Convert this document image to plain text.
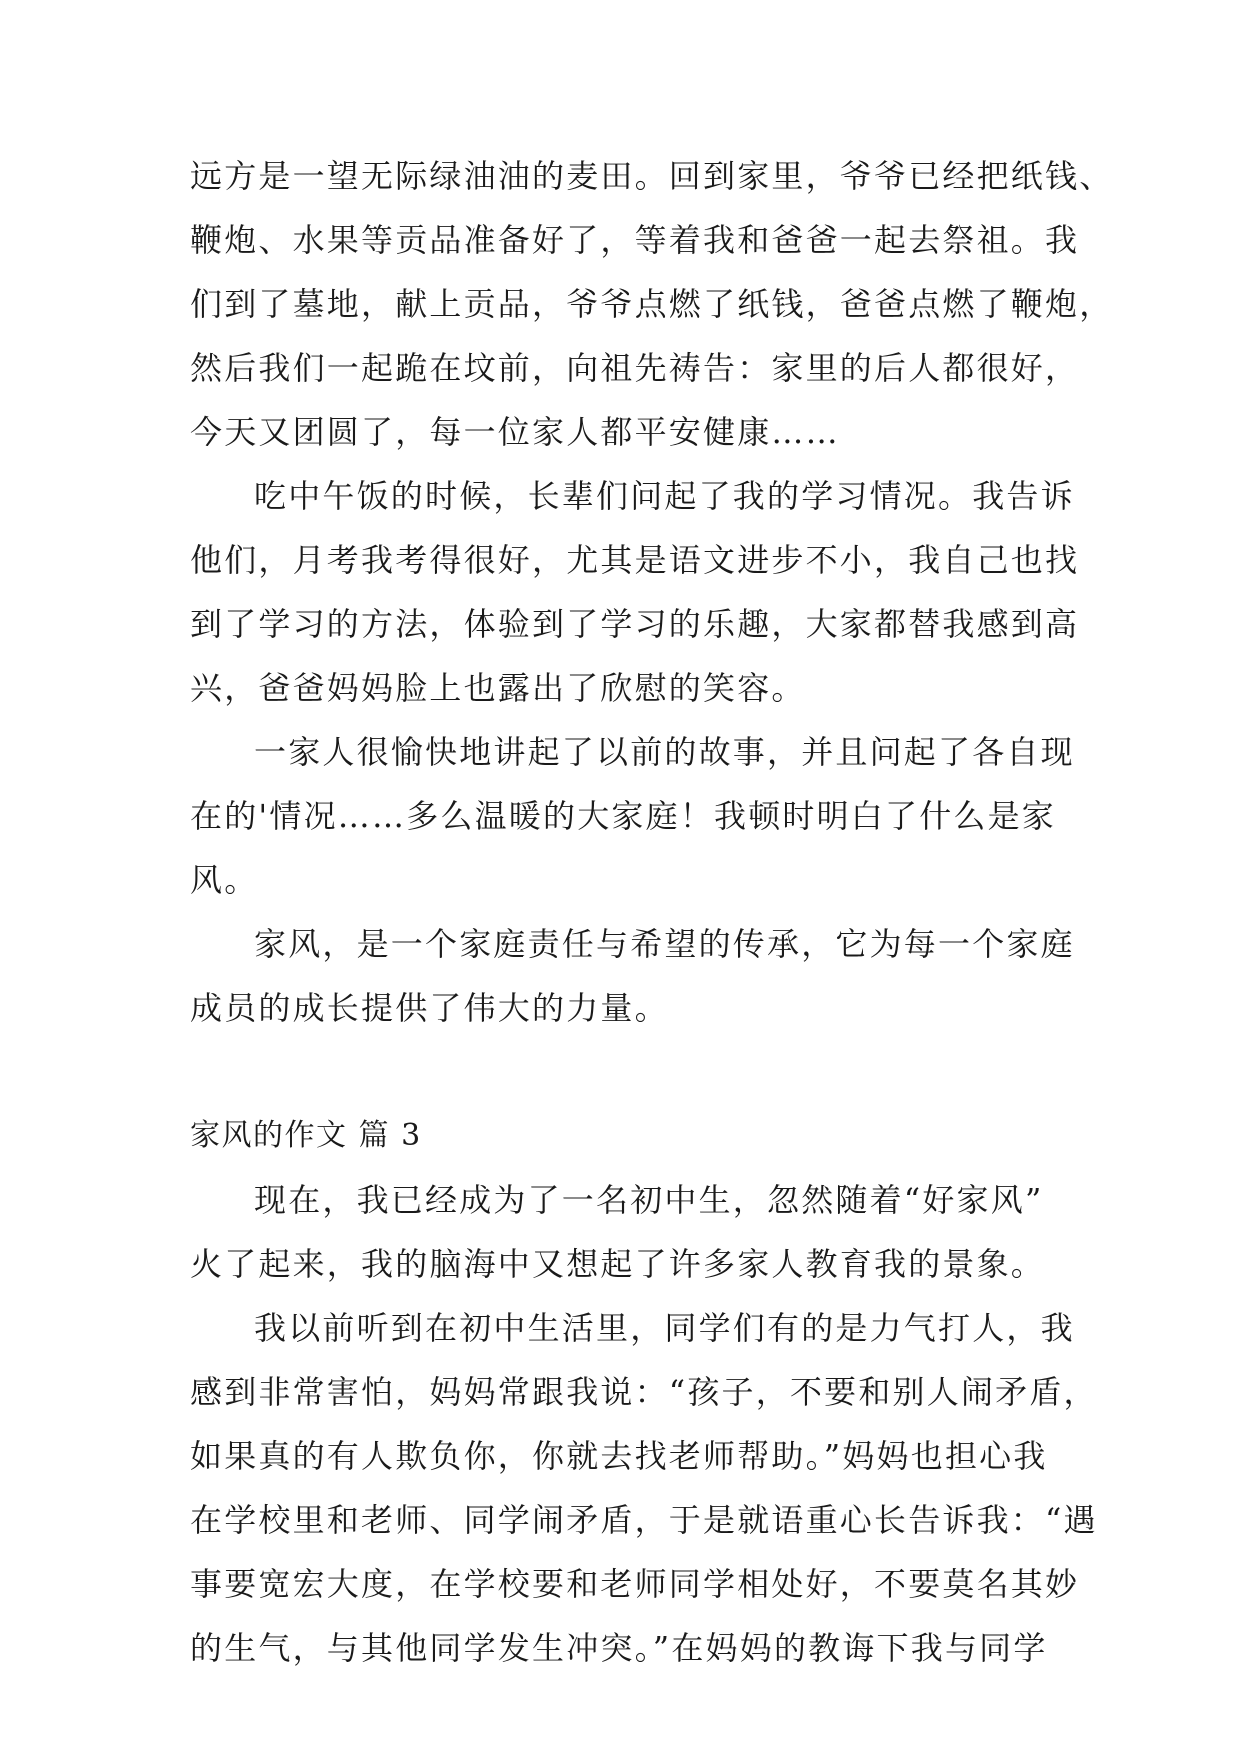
远方是一望无际绿油油的麦田。回到家里，爷爷已经把纸钱、
鞭炮、水果等贡品准备好了，等着我和爸爸一起去祭祖。我
们到了墓地，献上贡品，爷爷点燃了纸钱，爸爸点燃了鞭炮，
然后我们一起跪在坟前，向祖先祷告：家里的后人都很好，
今天又团圆了，每一位家人都平安健康……
吃中午饭的时候，长辈们问起了我的学习情况。我告诉
他们，月考我考得很好，尤其是语文进步不小，我自己也找
到了学习的方法，体验到了学习的乐趣，大家都替我感到高
兴，爸爸妈妈脸上也露出了欣慰的笑容。
一家人很愉快地讲起了以前的故事，并且问起了各自现
在的'情况……多么温暖的大家庭！我顿时明白了什么是家
风。
家风，是一个家庭责任与希望的传承，它为每一个家庭
成员的成长提供了伟大的力量。
家风的作文 篇 3
现在，我已经成为了一名初中生，忽然随着“好家风”
火了起来，我的脑海中又想起了许多家人教育我的景象。
我以前听到在初中生活里，同学们有的是力气打人，我
感到非常害怕，妈妈常跟我说：“孩子，不要和别人闹矛盾，
如果真的有人欺负你，你就去找老师帮助。”妈妈也担心我
在学校里和老师、同学闹矛盾，于是就语重心长告诉我：“遇
事要宽宏大度，在学校要和老师同学相处好，不要莫名其妙
的生气，与其他同学发生冲突。”在妈妈的教诲下我与同学
